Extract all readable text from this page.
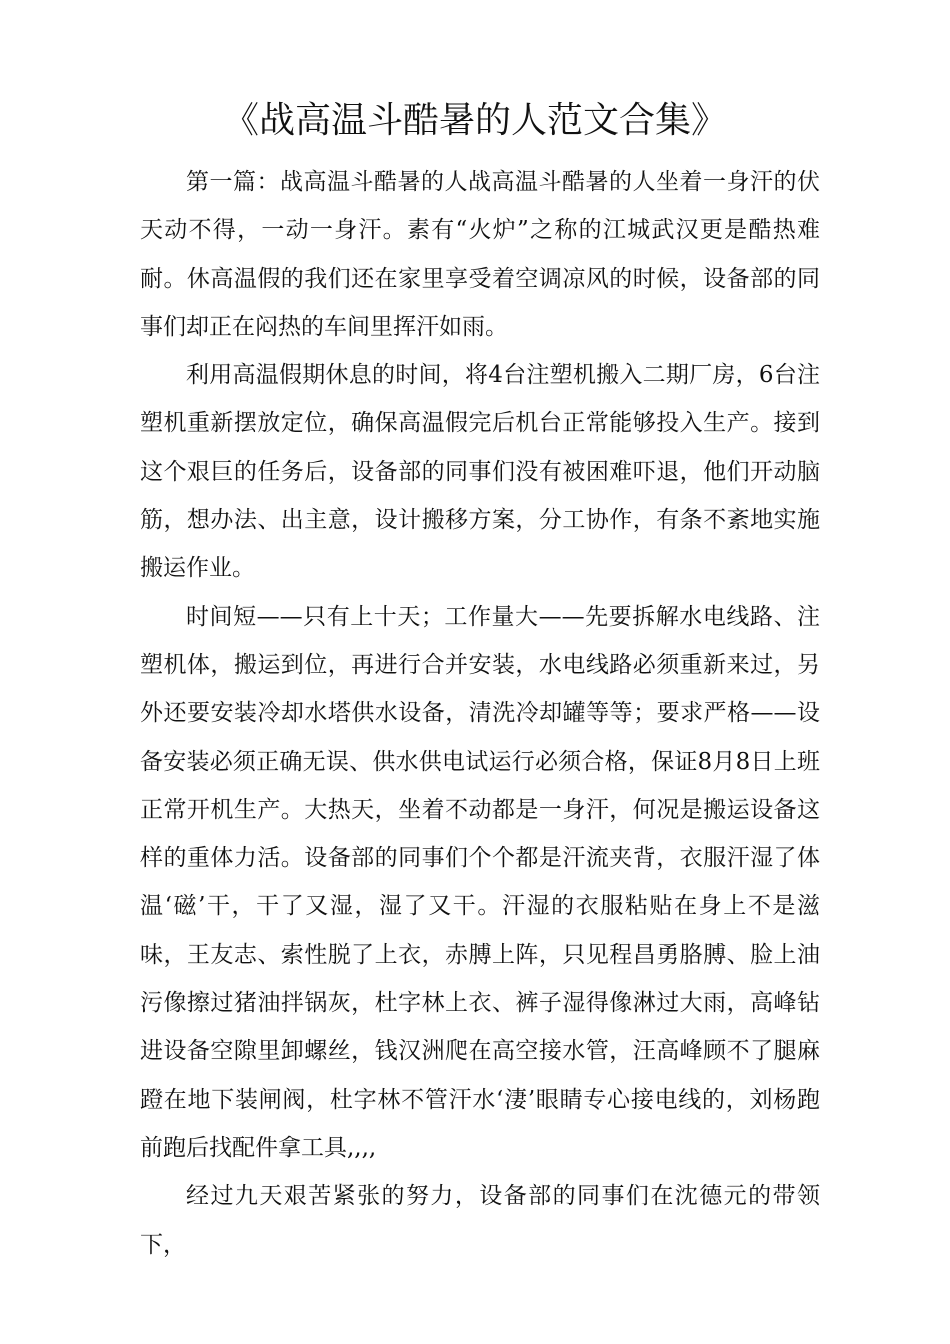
《战高温斗酷暑的人范文合集》

第一篇：战高温斗酷暑的人战高温斗酷暑的人坐着一身汗的伏天动不得，一动一身汗。素有“火炉”之称的江城武汉更是酷热难耐。休高温假的我们还在家里享受着空调凉风的时候，设备部的同事们却正在闷热的车间里挥汗如雨。

利用高温假期休息的时间，将4台注塑机搬入二期厂房，6台注塑机重新摆放定位，确保高温假完后机台正常能够投入生产。接到这个艰巨的任务后，设备部的同事们没有被困难吓退，他们开动脑筋，想办法、出主意，设计搬移方案，分工协作，有条不紊地实施搬运作业。

时间短——只有上十天；工作量大——先要拆解水电线路、注塑机体，搬运到位，再进行合并安装，水电线路必须重新来过，另外还要安装冷却水塔供水设备，清洗冷却罐等等；要求严格——设备安装必须正确无误、供水供电试运行必须合格，保证8月8日上班正常开机生产。大热天，坐着不动都是一身汗，何况是搬运设备这样的重体力活。设备部的同事们个个都是汗流夹背，衣服汗湿了体温‘磁’干，干了又湿，湿了又干。汗湿的衣服粘贴在身上不是滋味，王友志、索性脱了上衣，赤膊上阵，只见程昌勇胳膊、脸上油污像擦过猪油拌锅灰，杜字林上衣、裤子湿得像淋过大雨，高峰钻进设备空隙里卸螺丝，钱汉洲爬在高空接水管，汪高峰顾不了腿麻蹬在地下装闸阀，杜字林不管汗水‘淒’眼睛专心接电线的，刘杨跑前跑后找配件拿工具,,,,

经过九天艰苦紧张的努力，设备部的同事们在沈德元的带领下，
